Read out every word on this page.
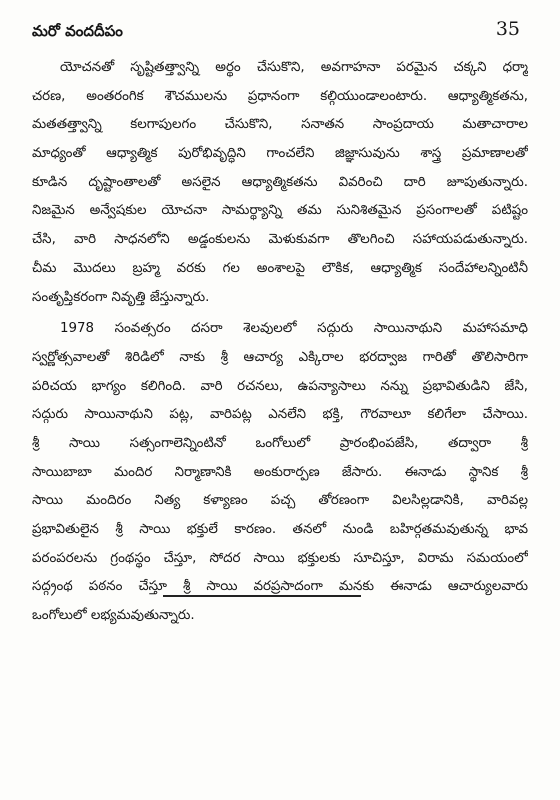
మరో వందదీపం	35
యోచనతో సృష్టితత్త్వాన్ని అర్థం చేసుకొని, అవగాహనా పరమైన చక్కని ధర్మా
చరణ, అంతరంగిక శౌచములను ప్రధానంగా కల్గియుండాలంటారు. ఆధ్యాత్మికతను,
మతతత్త్వాన్ని కలగాపులగం చేసుకొని, సనాతన సాంప్రదాయ మతాచారాల
మాధ్యంతో ఆధ్యాత్మిక పురోభివృద్ధిని గాంచలేని జిజ్ఞాసువును శాస్త్ర ప్రమాణాలతో
కూడిన దృష్టాంతాలతో అసలైన ఆధ్యాత్మికతను వివరించి దారి జూపుతున్నారు.
నిజమైన అన్వేషకుల యోచనా సామర్థ్యాన్ని తమ సునిశితమైన ప్రసంగాలతో పటిష్టం
చేసి, వారి సాధనలోని అడ్డంకులను మెళుకువగా తొలగించి సహాయపడుతున్నారు.
చీమ మొదలు బ్రహ్మ వరకు గల అంశాలపై లౌకిక, ఆధ్యాత్మిక సందేహాలన్నింటినీ
సంతృప్తికరంగా నివృత్తి జేస్తున్నారు.
1978 సంవత్సరం దసరా శెలవులలో సద్గురు సాయినాథుని మహాసమాధి
స్వర్ణోత్సవాలతో శిరిడిలో నాకు శ్రీ ఆచార్య ఎక్కిరాల భరద్వాజ గారితో తొలిసారిగా
పరిచయ భాగ్యం కలిగింది. వారి రచనలు, ఉపన్యాసాలు నన్ను ప్రభావితుడిని జేసి,
సద్గురు సాయినాథుని పట్ల, వారిపట్ల ఎనలేని భక్తి, గౌరవాలూ కలిగేలా చేసాయి.
శ్రీ సాయి సత్సంగాలెన్నింటినో ఒంగోలులో ప్రారంభింపజేసి, తద్వారా శ్రీ
సాయిబాబా మందిర నిర్మాణానికి అంకురార్పణ జేసారు. ఈనాడు స్థానిక శ్రీ
సాయి మందిరం నిత్య కళ్యాణం పచ్చ తోరణంగా విలసిల్లడానికి, వారివల్ల
ప్రభావితులైన శ్రీ సాయి భక్తులే కారణం. తనలో నుండి బహిర్గతమవుతున్న భావ
పరంపరలను గ్రంథస్థం చేస్తూ, సోదర సాయి భక్తులకు సూచిస్తూ, విరామ సమయంలో
సద్గ్రంథ పఠనం చేస్తూ శ్రీ సాయి వరప్రసాదంగా మనకు ఈనాడు ఆచార్యులవారు
ఒంగోలులో లభ్యమవుతున్నారు.
